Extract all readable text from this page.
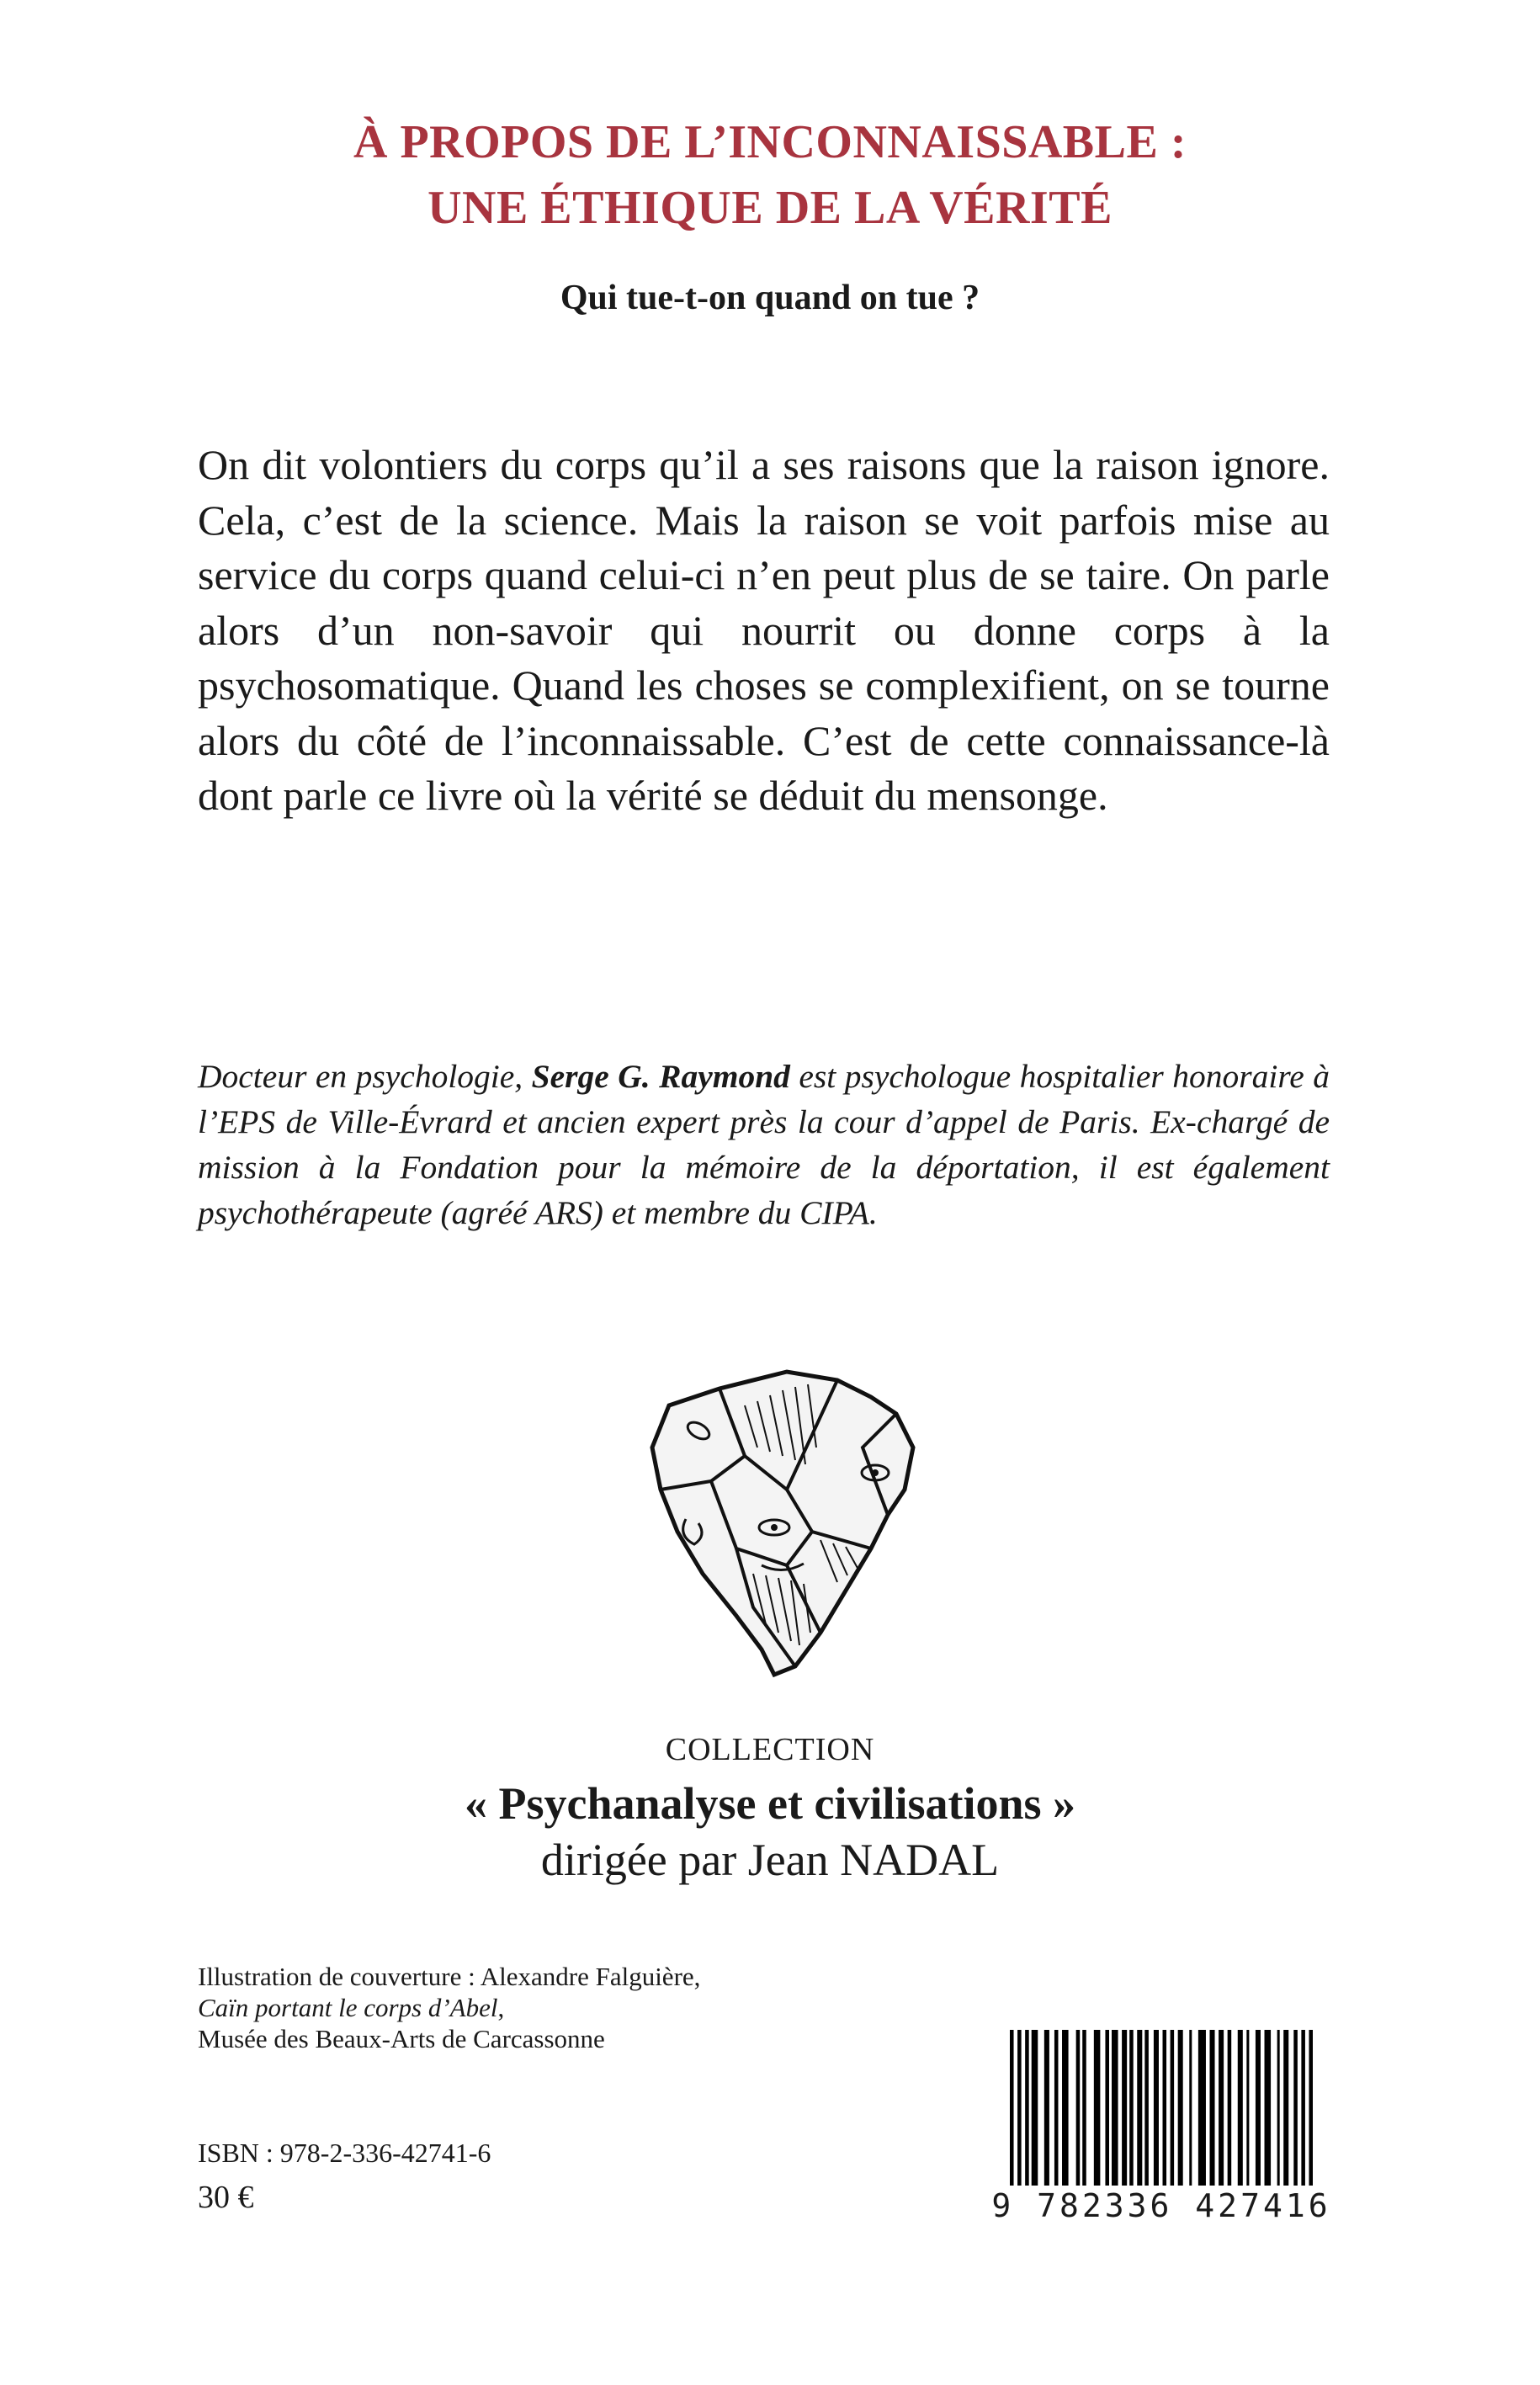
À PROPOS DE L’INCONNAISSABLE :
UNE ÉTHIQUE DE LA VÉRITÉ
Qui tue-t-on quand on tue ?

On dit volontiers du corps qu’il a ses raisons que la raison ignore. Cela, c’est de la science. Mais la raison se voit parfois mise au service du corps quand celui-ci n’en peut plus de se taire. On parle alors d’un non-savoir qui nourrit ou donne corps à la psychosomatique. Quand les choses se complexifient, on se tourne alors du côté de l’inconnaissable. C’est de cette connaissance-là dont parle ce livre où la vérité se déduit du mensonge.

Docteur en psychologie, Serge G. Raymond est psychologue hospitalier honoraire à l’EPS de Ville-Évrard et ancien expert près la cour d’appel de Paris. Ex-chargé de mission à la Fondation pour la mémoire de la déportation, il est également psychothérapeute (agréé ARS) et membre du CIPA.

COLLECTION
« Psychanalyse et civilisations »
dirigée par Jean NADAL
Illustration de couverture : Alexandre Falguière,
Caïn portant le corps d’Abel,
Musée des Beaux-Arts de Carcassonne
ISBN : 978-2-336-42741-6
30 €	9 782336 427416
